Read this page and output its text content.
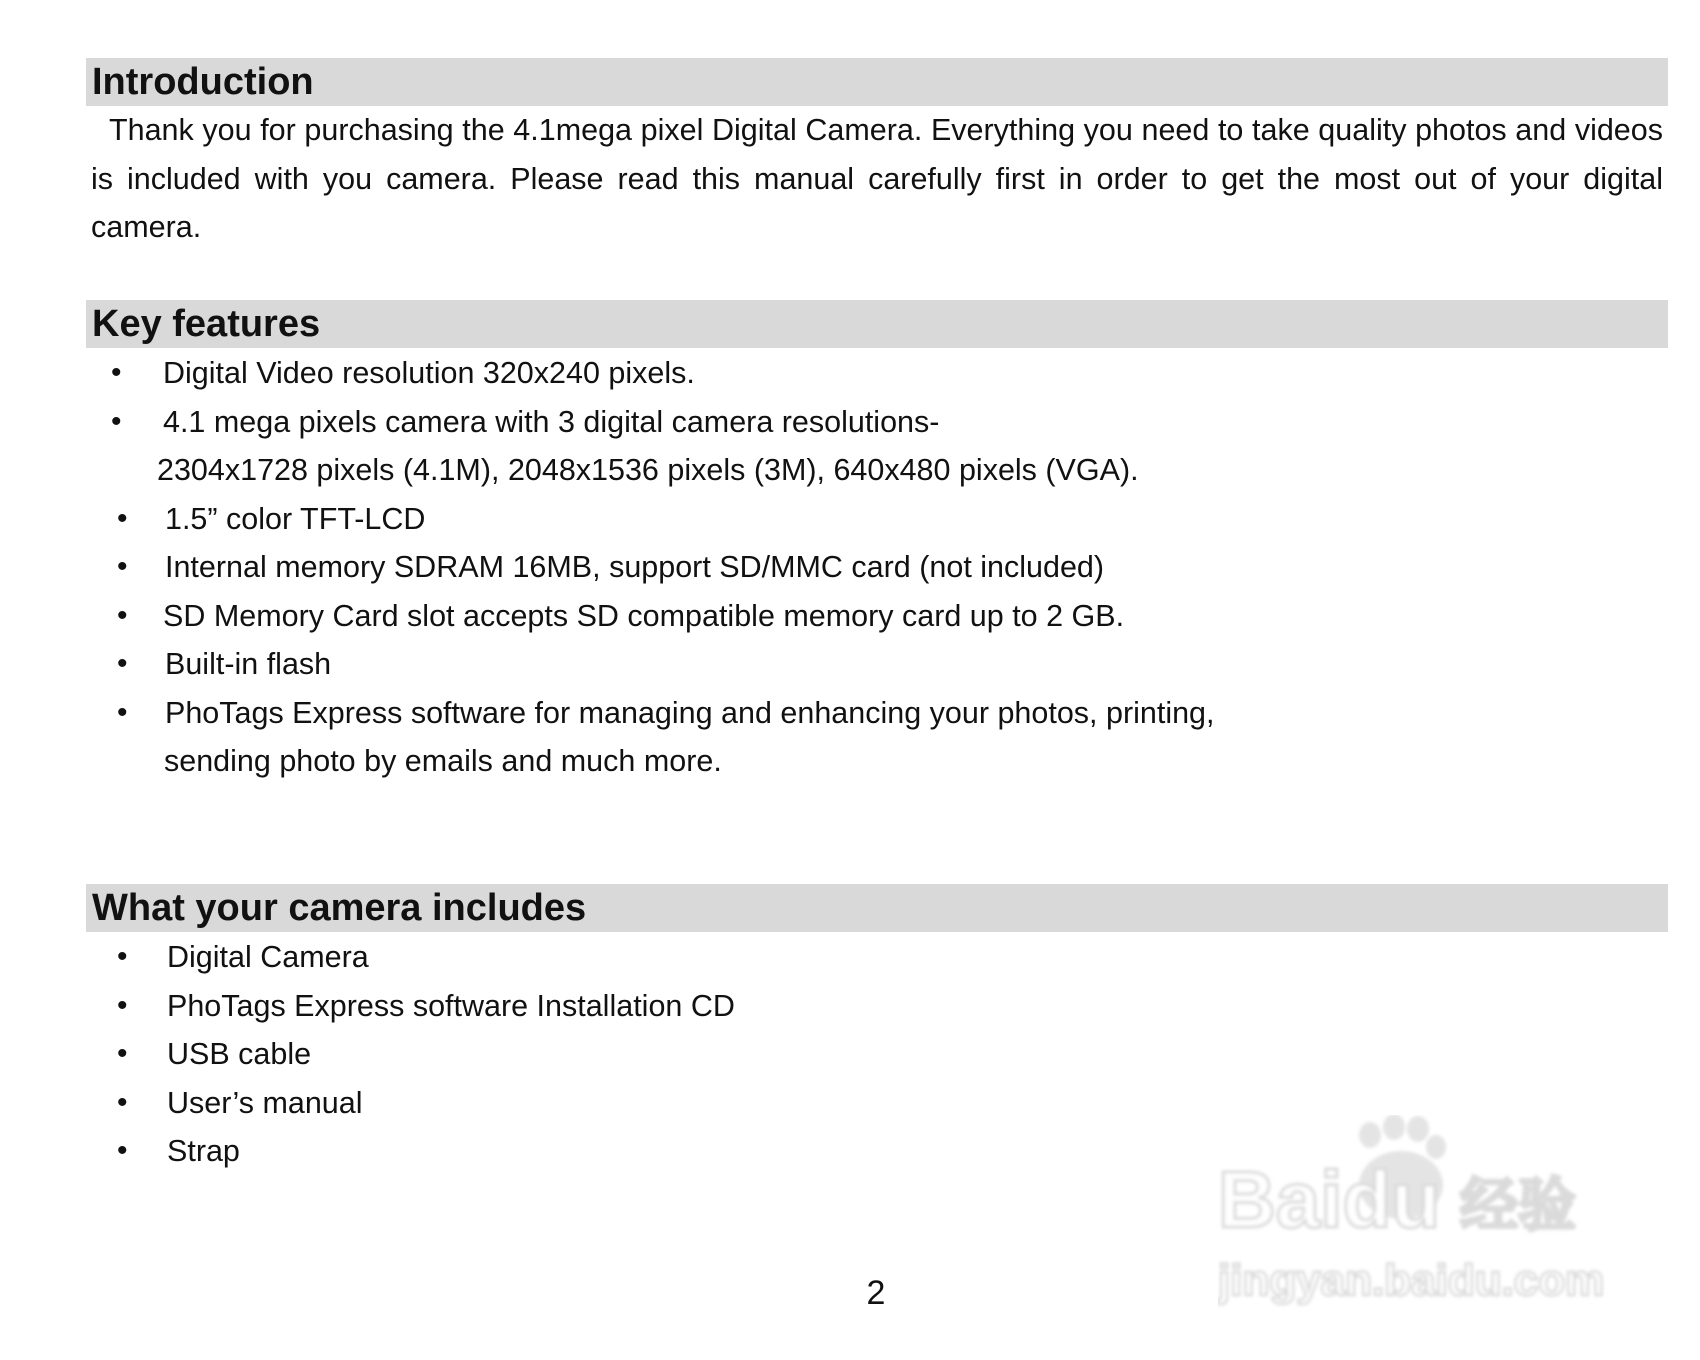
Introduction

Thank you for purchasing the 4.1mega pixel Digital Camera. Everything you need to take quality photos and videos is included with you camera. Please read this manual carefully first in order to get the most out of your digital camera.

Key features
• Digital Video resolution 320x240 pixels.
• 4.1 mega pixels camera with 3 digital camera resolutions-
2304x1728 pixels (4.1M), 2048x1536 pixels (3M), 640x480 pixels (VGA).
• 1.5” color TFT-LCD
• Internal memory SDRAM 16MB, support SD/MMC card (not included)
• SD Memory Card slot accepts SD compatible memory card up to 2 GB.
• Built-in flash
• PhoTags Express software for managing and enhancing your photos, printing,
sending photo by emails and much more.
What your camera includes
• Digital Camera
• PhoTags Express software Installation CD
• USB cable
• User’s manual
• Strap
2
Baidu 经验
jingyan.baidu.com
